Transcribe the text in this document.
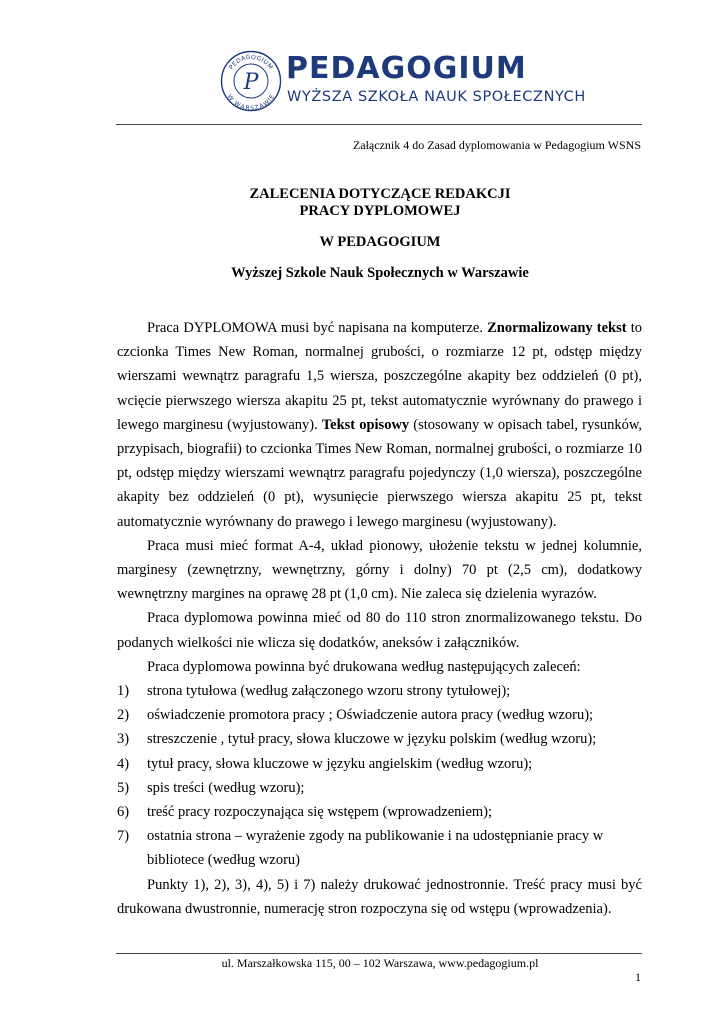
PEDAGOGIUM
W WARSZAWIE
P PEDAGOGIUM
WYŻSZA SZKOŁA NAUK SPOŁECZNYCH
Załącznik 4 do Zasad dyplomowania w Pedagogium WSNS
ZALECENIA DOTYCZĄCE REDAKCJI
PRACY DYPLOMOWEJ
W PEDAGOGIUM
Wyższej Szkole Nauk Społecznych w Warszawie

Praca DYPLOMOWA musi być napisana na komputerze. Znormalizowany tekst to czcionka Times New Roman, normalnej grubości, o rozmiarze 12 pt, odstęp między wierszami wewnątrz paragrafu 1,5 wiersza, poszczególne akapity bez oddzieleń (0 pt), wcięcie pierwszego wiersza akapitu 25 pt, tekst automatycznie wyrównany do prawego i lewego marginesu (wyjustowany). Tekst opisowy (stosowany w opisach tabel, rysunków, przypisach, biografii) to czcionka Times New Roman, normalnej grubości, o rozmiarze 10 pt, odstęp między wierszami wewnątrz paragrafu pojedynczy (1,0 wiersza), poszczególne akapity bez oddzieleń (0 pt), wysunięcie pierwszego wiersza akapitu 25 pt, tekst automatycznie wyrównany do prawego i lewego marginesu (wyjustowany).

Praca musi mieć format A-4, układ pionowy, ułożenie tekstu w jednej kolumnie, marginesy (zewnętrzny, wewnętrzny, górny i dolny) 70 pt (2,5 cm), dodatkowy wewnętrzny margines na oprawę 28 pt (1,0 cm). Nie zaleca się dzielenia wyrazów.

Praca dyplomowa powinna mieć od 80 do 110 stron znormalizowanego tekstu. Do podanych wielkości nie wlicza się dodatków, aneksów i załączników.

Praca dyplomowa powinna być drukowana według następujących zaleceń:

1) strona tytułowa (według załączonego wzoru strony tytułowej);
2) oświadczenie promotora pracy ; Oświadczenie autora pracy (według wzoru);
3) streszczenie , tytuł pracy, słowa kluczowe w języku polskim (według wzoru);
4) tytuł pracy, słowa kluczowe w języku angielskim (według wzoru);
5) spis treści (według wzoru);
6) treść pracy rozpoczynająca się wstępem (wprowadzeniem);
7) ostatnia strona – wyrażenie zgody na publikowanie i na udostępnianie pracy w bibliotece (według wzoru)

Punkty 1), 2), 3), 4), 5) i 7) należy drukować jednostronnie. Treść pracy musi być drukowana dwustronnie, numerację stron rozpoczyna się od wstępu (wprowadzenia).

ul. Marszałkowska 115, 00 – 102 Warszawa, www.pedagogium.pl
1
